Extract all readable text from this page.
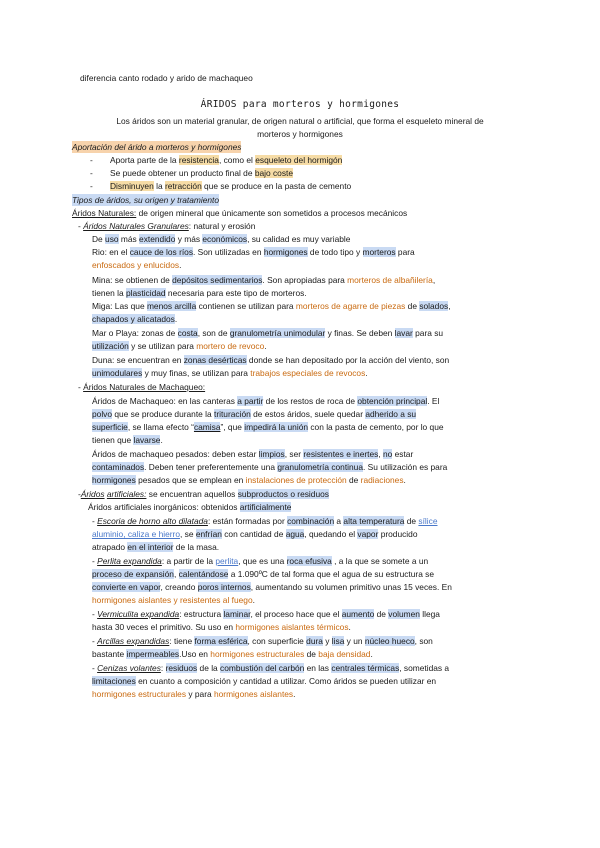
diferencia canto rodado y arido de machaqueo
ÁRIDOS para morteros y hormigones
Los áridos son un material granular, de origen natural o artificial, que forma el esqueleto mineral de
morteros y hormigones
Aportación del árido a morteros y hormigones
- Aporta parte de la resistencia, como el esqueleto del hormigón
- Se puede obtener un producto final de bajo coste
- Disminuyen la retracción que se produce en la pasta de cemento
Tipos de áridos, su origen y tratamiento
Áridos Naturales: de origen mineral que únicamente son sometidos a procesos mecánicos
- Áridos Naturales Granulares: natural y erosión
De uso más extendido y más económicos, su calidad es muy variable
Rio: en el cauce de los ríos. Son utilizadas en hormigones de todo tipo y morteros para
enfoscados y enlucidos.
Mina: se obtienen de depósitos sedimentarios. Son apropiadas para morteros de albañilería,
tienen la plasticidad necesaria para este tipo de morteros.
Miga: Las que menos arcilla contienen se utilizan para morteros de agarre de piezas de solados,
chapados y alicatados.
Mar o Playa: zonas de costa, son de granulometría unimodular y finas. Se deben lavar para su
utilización y se utilizan para mortero de revoco.
Duna: se encuentran en zonas desérticas donde se han depositado por la acción del viento, son
unimodulares y muy finas, se utilizan para trabajos especiales de revocos.
- Áridos Naturales de Machaqueo:
Áridos de Machaqueo: en las canteras a partir de los restos de roca de obtención principal. El
polvo que se produce durante la trituración de estos áridos, suele quedar adherido a su
superficie, se llama efecto “camisa”, que impedirá la unión con la pasta de cemento, por lo que
tienen que lavarse.
Áridos de machaqueo pesados: deben estar limpios, ser resistentes e inertes, no estar
contaminados. Deben tener preferentemente una granulometría continua. Su utilización es para
hormigones pesados que se emplean en instalaciones de protección de radiaciones.
-Áridos artificiales: se encuentran aquellos subproductos o residuos
Áridos artificiales inorgánicos: obtenidos artificialmente
- Escoria de horno alto dilatada: están formadas por combinación a alta temperatura de sílice
aluminio, caliza e hierro, se enfrían con cantidad de agua, quedando el vapor producido
atrapado en el interior de la masa.
- Perlita expandida: a partir de la perlita, que es una roca efusiva , a la que se somete a un
proceso de expansión, calentándose a 1.090ºC de tal forma que el agua de su estructura se
convierte en vapor, creando poros internos, aumentando su volumen primitivo unas 15 veces. En
hormigones aislantes y resistentes al fuego.
- Vermiculita expandida: estructura laminar, el proceso hace que el aumento de volumen llega
hasta 30 veces el primitivo. Su uso en hormigones aislantes térmicos.
- Arcillas expandidas: tiene forma esférica, con superficie dura y lisa y un núcleo hueco, son
bastante impermeables.Uso en hormigones estructurales de baja densidad.
- Cenizas volantes: residuos de la combustión del carbón en las centrales térmicas, sometidas a
limitaciones en cuanto a composición y cantidad a utilizar. Como áridos se pueden utilizar en
hormigones estructurales y para hormigones aislantes.
